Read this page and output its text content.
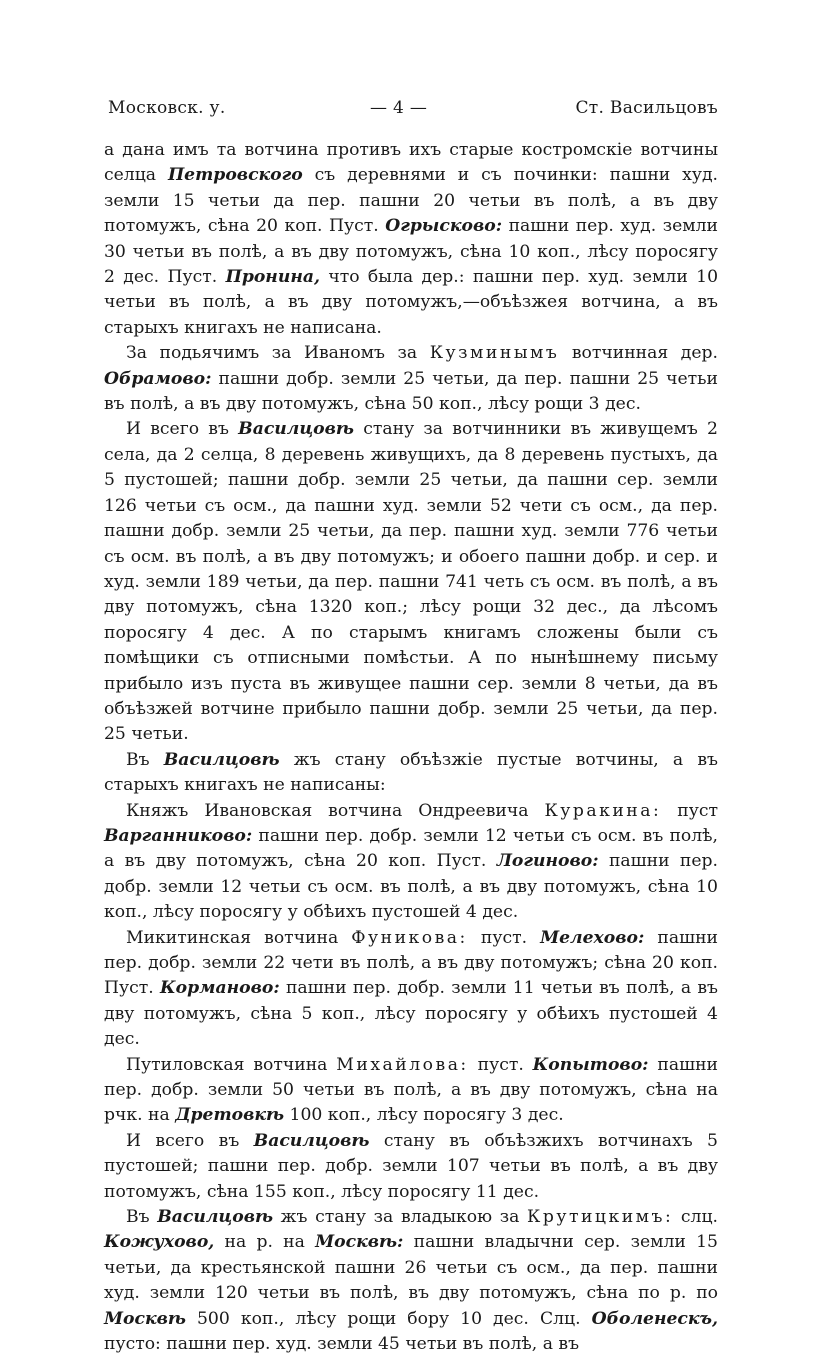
Московск. у.	— 4 —	Ст. Васильцовъ

а дана имъ та вотчина противъ ихъ старые костромскіе вотчины селца Петровского съ деревнями и съ починки: пашни худ. земли 15 четьи да пер. пашни 20 четьи въ полѣ, а въ дву потомужъ, сѣна 20 коп. Пуст. Огрысково: пашни пер. худ. земли 30 четьи въ полѣ, а въ дву потомужъ, сѣна 10 коп., лѣсу поросягу 2 дес. Пуст. Пронина, что была дер.: пашни пер. худ. земли 10 четьи въ полѣ, а въ дву потомужъ,—объѣзжея вотчина, а въ старыхъ книгахъ не написана.

За подьячимъ за Иваномъ за Кузминымъ вотчинная дер. Обрамово: пашни добр. земли 25 четьи, да пер. пашни 25 четьи въ полѣ, а въ дву потомужъ, сѣна 50 коп., лѣсу рощи 3 дес.

И всего въ Василцовѣ стану за вотчинники въ живущемъ 2 села, да 2 селца, 8 деревень живущихъ, да 8 деревень пустыхъ, да 5 пустошей; пашни добр. земли 25 четьи, да пашни сер. земли 126 четьи съ осм., да пашни худ. земли 52 чети съ осм., да пер. пашни добр. земли 25 четьи, да пер. пашни худ. земли 776 четьи съ осм. въ полѣ, а въ дву потомужъ; и обоего пашни добр. и сер. и худ. земли 189 четьи, да пер. пашни 741 четь съ осм. въ полѣ, а въ дву потомужъ, сѣна 1320 коп.; лѣсу рощи 32 дес., да лѣсомъ поросягу 4 дес. А по старымъ книгамъ сложены были съ помѣщики съ отписными помѣстьи. А по нынѣшнему письму прибыло изъ пуста въ живущее пашни сер. земли 8 четьи, да въ объѣзжей вотчине прибыло пашни добр. земли 25 четьи, да пер. 25 четьи.

Въ Василцовѣ жъ стану объѣзжіе пустые вотчины, а въ старыхъ книгахъ не написаны:

Княжъ Ивановская вотчина Ондреевича Куракина: пуст Варганниково: пашни пер. добр. земли 12 четьи съ осм. въ полѣ, а въ дву потомужъ, сѣна 20 коп. Пуст. Логиново: пашни пер. добр. земли 12 четьи съ осм. въ полѣ, а въ дву потомужъ, сѣна 10 коп., лѣсу поросягу у обѣихъ пустошей 4 дес.

Микитинская вотчина Фуникова: пуст. Мелехово: пашни пер. добр. земли 22 чети въ полѣ, а въ дву потомужъ; сѣна 20 коп. Пуст. Корманово: пашни пер. добр. земли 11 четьи въ полѣ, а въ дву потомужъ, сѣна 5 коп., лѣсу поросягу у обѣихъ пустошей 4 дес.

Путиловская вотчина Михайлова: пуст. Копытово: пашни пер. добр. земли 50 четьи въ полѣ, а въ дву потомужъ, сѣна на рчк. на Дретовкѣ 100 коп., лѣсу поросягу 3 дес.

И всего въ Василцовѣ стану въ объѣзжихъ вотчинахъ 5 пустошей; пашни пер. добр. земли 107 четьи въ полѣ, а въ дву потомужъ, сѣна 155 коп., лѣсу поросягу 11 дес.

Въ Василцовѣ жъ стану за владыкою за Крутицкимъ: слц. Кожухово, на р. на Москвѣ: пашни владычни сер. земли 15 четьи, да крестьянской пашни 26 четьи съ осм., да пер. пашни худ. земли 120 четьи въ полѣ, въ дву потомужъ, сѣна по р. по Москвѣ 500 коп., лѣсу рощи бору 10 дес. Слц. Оболенескъ, пусто: пашни пер. худ. земли 45 четьи въ полѣ, а въ
